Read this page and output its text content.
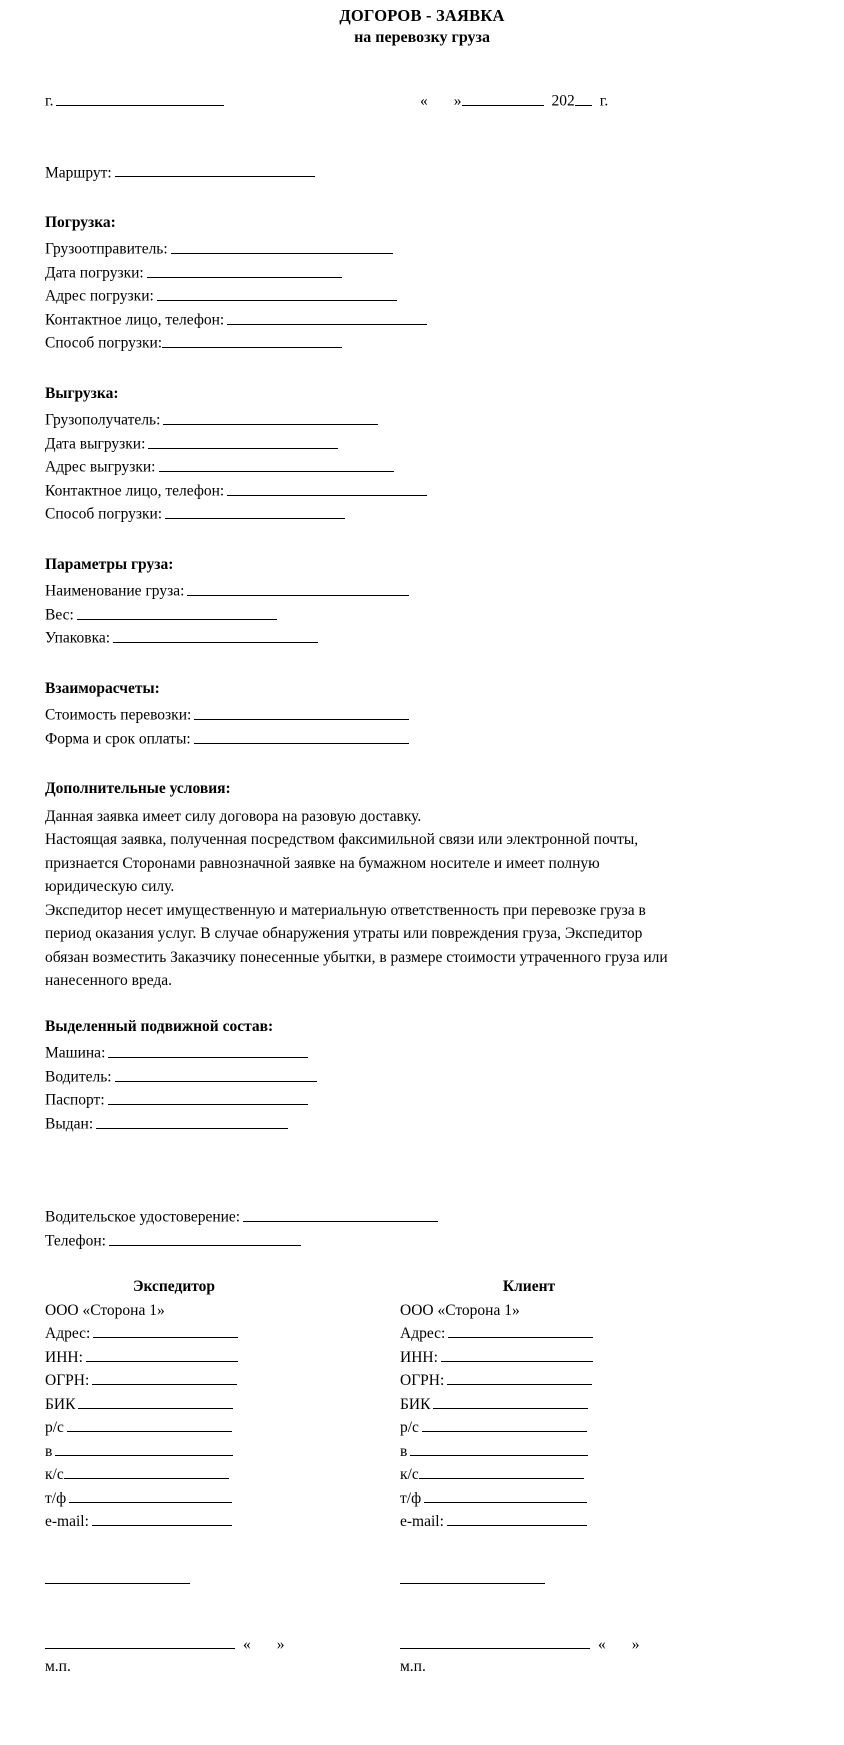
ДОГОРОВ - ЗАЯВКА
на перевозку груза
г.	« »	202 г.
Маршрут:
Погрузка:
Грузоотправитель:
Дата погрузки:
Адрес погрузки:
Контактное лицо, телефон:
Способ погрузки:
Выгрузка:
Грузополучатель:
Дата выгрузки:
Адрес выгрузки:
Контактное лицо, телефон:
Способ погрузки:
Параметры груза:
Наименование груза:
Вес:
Упаковка:
Взаиморасчеты:
Стоимость перевозки:
Форма и срок оплаты:
Дополнительные условия:
Данная заявка имеет силу договора на разовую доставку.
Настоящая заявка, полученная посредством факсимильной связи или электронной почты,
признается Сторонами равнозначной заявке на бумажном носителе и имеет полную
юридическую силу.
Экспедитор несет имущественную и материальную ответственность при перевозке груза в
период оказания услуг. В случае обнаружения утраты или повреждения груза, Экспедитор
обязан возместить Заказчику понесенные убытки, в размере стоимости утраченного груза или
нанесенного вреда.
Выделенный подвижной состав:
Машина:
Водитель:
Паспорт:
Выдан:
Водительское удостоверение:
Телефон:
Экспедитор
ООО «Сторона 1»
Адрес:
ИНН:
ОГРН:
БИК
р/с
в
к/с
т/ф
e-mail:
« »
м.п.
Клиент
ООО «Сторона 1»
Адрес:
ИНН:
ОГРН:
БИК
р/с
в
к/с
т/ф
e-mail:
« »
м.п.
